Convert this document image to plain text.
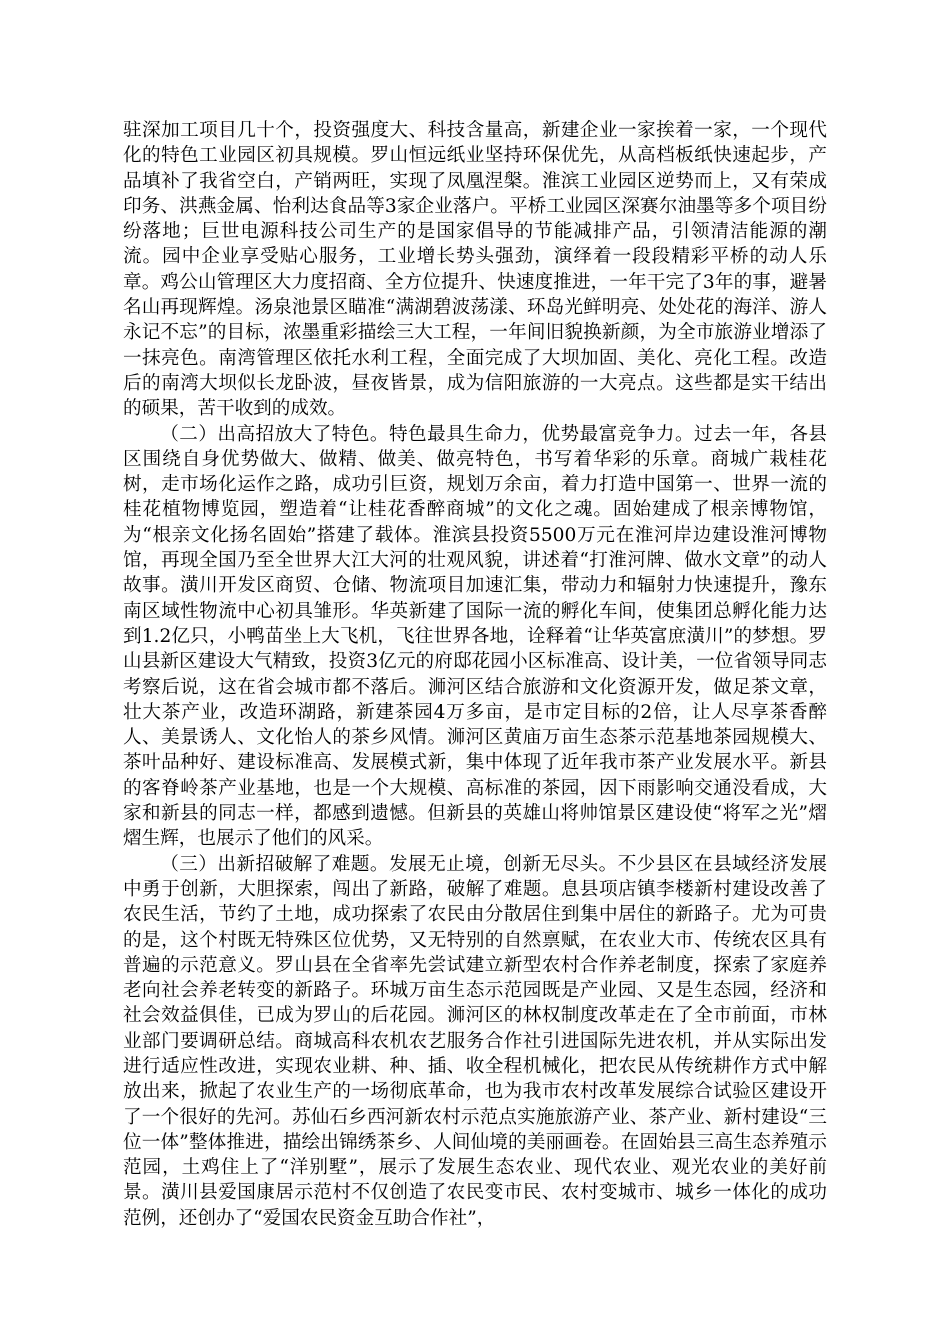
驻深加工项目几十个，投资强度大、科技含量高，新建企业一家挨着一家，一个现代化的特色工业园区初具规模。罗山恒远纸业坚持环保优先，从高档板纸快速起步，产品填补了我省空白，产销两旺，实现了凤凰涅槃。淮滨工业园区逆势而上，又有荣成印务、洪燕金属、怡利达食品等3家企业落户。平桥工业园区深赛尔油墨等多个项目纷纷落地；巨世电源科技公司生产的是国家倡导的节能减排产品，引领清洁能源的潮流。园中企业享受贴心服务，工业增长势头强劲，演绎着一段段精彩平桥的动人乐章。鸡公山管理区大力度招商、全方位提升、快速度推进，一年干完了3年的事，避暑名山再现辉煌。汤泉池景区瞄准“满湖碧波荡漾、环岛光鲜明亮、处处花的海洋、游人永记不忘”的目标，浓墨重彩描绘三大工程，一年间旧貌换新颜，为全市旅游业增添了一抹亮色。南湾管理区依托水利工程，全面完成了大坝加固、美化、亮化工程。改造后的南湾大坝似长龙卧波，昼夜皆景，成为信阳旅游的一大亮点。这些都是实干结出的硕果，苦干收到的成效。

（二）出高招放大了特色。特色最具生命力，优势最富竞争力。过去一年，各县区围绕自身优势做大、做精、做美、做亮特色，书写着华彩的乐章。商城广栽桂花树，走市场化运作之路，成功引巨资，规划万余亩，着力打造中国第一、世界一流的桂花植物博览园，塑造着“让桂花香醉商城”的文化之魂。固始建成了根亲博物馆，为“根亲文化扬名固始”搭建了载体。淮滨县投资5500万元在淮河岸边建设淮河博物馆，再现全国乃至全世界大江大河的壮观风貌，讲述着“打淮河牌、做水文章”的动人故事。潢川开发区商贸、仓储、物流项目加速汇集，带动力和辐射力快速提升，豫东南区域性物流中心初具雏形。华英新建了国际一流的孵化车间，使集团总孵化能力达到1.2亿只，小鸭苗坐上大飞机，飞往世界各地，诠释着“让华英富庶潢川”的梦想。罗山县新区建设大气精致，投资3亿元的府邸花园小区标准高、设计美，一位省领导同志考察后说，这在省会城市都不落后。浉河区结合旅游和文化资源开发，做足茶文章，壮大茶产业，改造环湖路，新建茶园4万多亩，是市定目标的2倍，让人尽享茶香醉人、美景诱人、文化怡人的茶乡风情。浉河区黄庙万亩生态茶示范基地茶园规模大、茶叶品种好、建设标准高、发展模式新，集中体现了近年我市茶产业发展水平。新县的客脊岭茶产业基地，也是一个大规模、高标准的茶园，因下雨影响交通没看成，大家和新县的同志一样，都感到遗憾。但新县的英雄山将帅馆景区建设使“将军之光”熠熠生辉，也展示了他们的风采。

（三）出新招破解了难题。发展无止境，创新无尽头。不少县区在县域经济发展中勇于创新，大胆探索，闯出了新路，破解了难题。息县项店镇李楼新村建设改善了农民生活，节约了土地，成功探索了农民由分散居住到集中居住的新路子。尤为可贵的是，这个村既无特殊区位优势，又无特别的自然禀赋，在农业大市、传统农区具有普遍的示范意义。罗山县在全省率先尝试建立新型农村合作养老制度，探索了家庭养老向社会养老转变的新路子。环城万亩生态示范园既是产业园、又是生态园，经济和社会效益俱佳，已成为罗山的后花园。浉河区的林权制度改革走在了全市前面，市林业部门要调研总结。商城高科农机农艺服务合作社引进国际先进农机，并从实际出发进行适应性改进，实现农业耕、种、插、收全程机械化，把农民从传统耕作方式中解放出来，掀起了农业生产的一场彻底革命，也为我市农村改革发展综合试验区建设开了一个很好的先河。苏仙石乡西河新农村示范点实施旅游产业、茶产业、新村建设“三位一体”整体推进，描绘出锦绣茶乡、人间仙境的美丽画卷。在固始县三高生态养殖示范园，土鸡住上了“洋别墅”，展示了发展生态农业、现代农业、观光农业的美好前景。潢川县爱国康居示范村不仅创造了农民变市民、农村变城市、城乡一体化的成功范例，还创办了“爱国农民资金互助合作社”，
